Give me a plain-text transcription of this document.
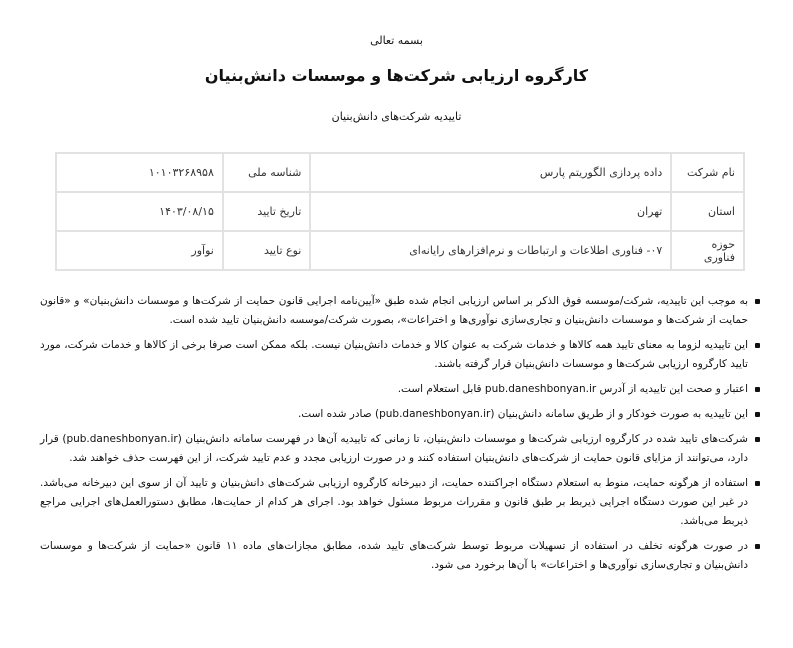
بسمه تعالی
کارگروه ارزیابی شرکت‌ها و موسسات دانش‌بنیان
تاییدیه شرکت‌های دانش‌بنیان
نام شرکت	داده پردازی الگوریتم پارس	شناسه ملی	۱۰۱۰۳۲۶۸۹۵۸
استان	تهران	تاریخ تایید	۱۴۰۳/۰۸/۱۵
حوزه فناوری	۰۷- فناوری اطلاعات و ارتباطات و نرم‌افزارهای رایانه‌ای	نوع تایید	نوآور
به موجب این تاییدیه، شرکت/موسسه فوق الذکر بر اساس ارزیابی انجام شده طبق «آیین‌نامه اجرایی قانون حمایت از شرکت‌ها و موسسات دانش‌بنیان» و «قانون حمایت از شرکت‌ها و موسسات دانش‌بنیان و تجاری‌سازی نوآوری‌ها و اختراعات»، بصورت شرکت/موسسه دانش‌بنیان تایید شده است.
این تاییدیه لزوما به معنای تایید همه کالاها و خدمات شرکت به عنوان کالا و خدمات دانش‌بنیان نیست. بلکه ممکن است صرفا برخی از کالاها و خدمات شرکت، مورد تایید کارگروه ارزیابی شرکت‌ها و موسسات دانش‌بنیان قرار گرفته باشند.
اعتبار و صحت این تاییدیه از آدرس pub.daneshbonyan.ir قابل استعلام است.
این تاییدیه به صورت خودکار و از طریق سامانه دانش‌بنیان (pub.daneshbonyan.ir) صادر شده است.
شرکت‌های تایید شده در کارگروه ارزیابی شرکت‌ها و موسسات دانش‌بنیان، تا زمانی که تاییدیه آن‌ها در فهرست سامانه دانش‌بنیان (pub.daneshbonyan.ir) قرار دارد، می‌توانند از مزایای قانون حمایت از شرکت‌های دانش‌بنیان استفاده کنند و در صورت ارزیابی مجدد و عدم تایید شرکت، از این فهرست حذف خواهند شد.
استفاده از هرگونه حمایت، منوط به استعلام دستگاه اجراکننده حمایت، از دبیرخانه کارگروه ارزیابی شرکت‌های دانش‌بنیان و تایید آن از سوی این دبیرخانه می‌باشد. در غیر این صورت دستگاه اجرایی ذیربط بر طبق قانون و مقررات مربوط مسئول خواهد بود. اجرای هر کدام از حمایت‌ها، مطابق دستورالعمل‌های اجرایی مراجع ذیربط می‌باشد.
در صورت هرگونه تخلف در استفاده از تسهیلات مربوط توسط شرکت‌های تایید شده، مطابق مجازات‌های ماده ۱۱ قانون «حمایت از شرکت‌ها و موسسات دانش‌بنیان و تجاری‌سازی نوآوری‌ها و اختراعات» با آن‌ها برخورد می شود.
